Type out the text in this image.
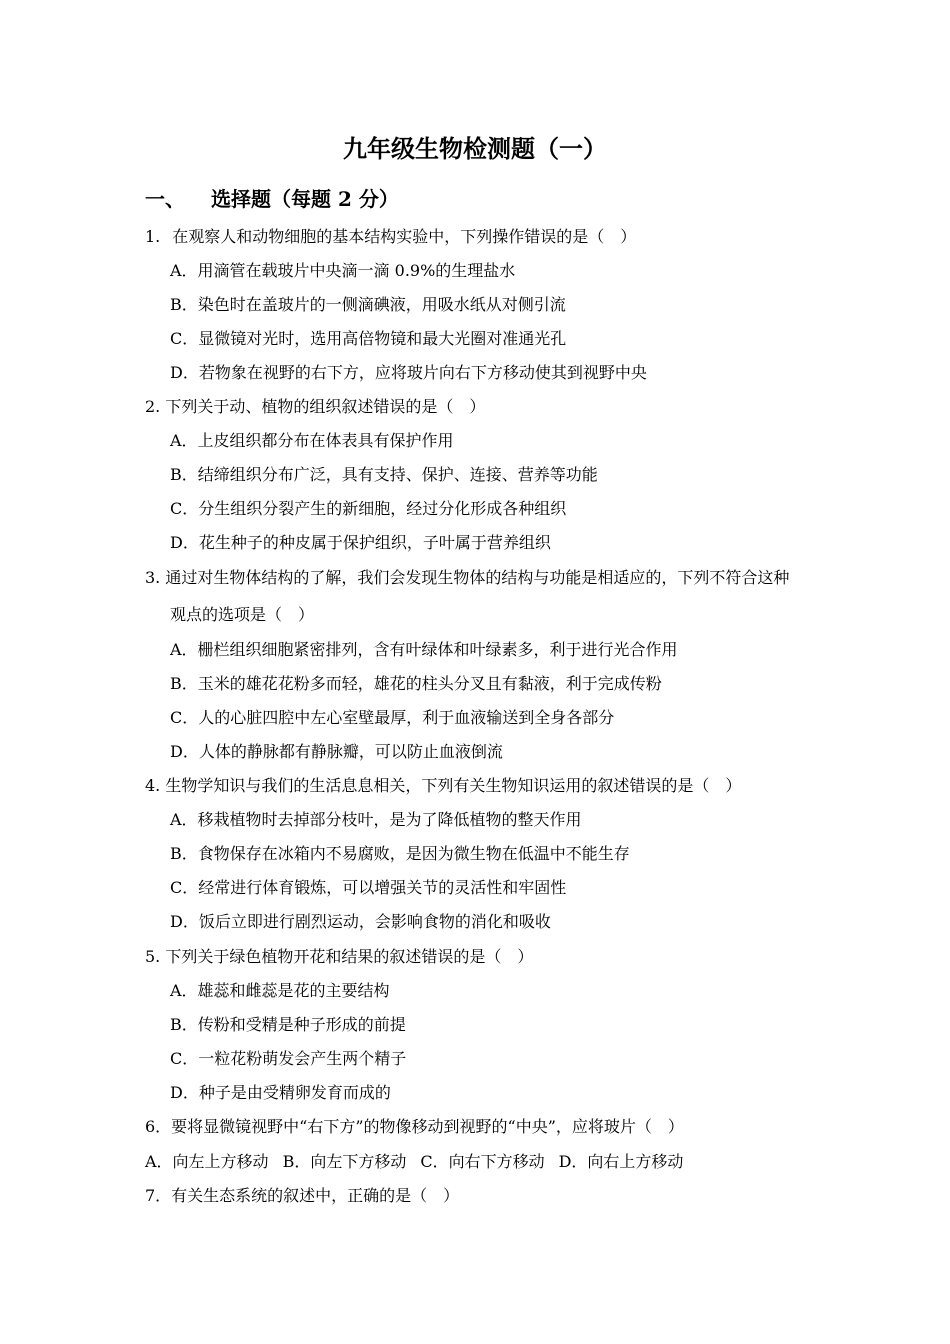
九年级生物检测题（一）
一、 选择题（每题 2 分）
1. 在观察人和动物细胞的基本结构实验中，下列操作错误的是（　）
A．用滴管在载玻片中央滴一滴 0.9%的生理盐水
B．染色时在盖玻片的一侧滴碘液，用吸水纸从对侧引流
C．显微镜对光时，选用高倍物镜和最大光圈对准通光孔
D．若物象在视野的右下方，应将玻片向右下方移动使其到视野中央
2. 下列关于动、植物的组织叙述错误的是（　）
A．上皮组织都分布在体表具有保护作用
B．结缔组织分布广泛，具有支持、保护、连接、营养等功能
C．分生组织分裂产生的新细胞，经过分化形成各种组织
D．花生种子的种皮属于保护组织，子叶属于营养组织
3. 通过对生物体结构的了解，我们会发现生物体的结构与功能是相适应的，下列不符合这种
观点的选项是（　）
A．栅栏组织细胞紧密排列，含有叶绿体和叶绿素多，利于进行光合作用
B．玉米的雄花花粉多而轻，雄花的柱头分叉且有黏液，利于完成传粉
C．人的心脏四腔中左心室壁最厚，利于血液输送到全身各部分
D．人体的静脉都有静脉瓣，可以防止血液倒流
4. 生物学知识与我们的生活息息相关，下列有关生物知识运用的叙述错误的是（　）
A．移栽植物时去掉部分枝叶，是为了降低植物的整天作用
B．食物保存在冰箱内不易腐败，是因为微生物在低温中不能生存
C．经常进行体育锻炼，可以增强关节的灵活性和牢固性
D．饭后立即进行剧烈运动，会影响食物的消化和吸收
5. 下列关于绿色植物开花和结果的叙述错误的是（　）
A．雄蕊和雌蕊是花的主要结构
B．传粉和受精是种子形成的前提
C．一粒花粉萌发会产生两个精子
D．种子是由受精卵发育而成的
6．要将显微镜视野中“右下方”的物像移动到视野的“中央”，应将玻片（　）
A．向左上方移动 B．向左下方移动 C．向右下方移动 D．向右上方移动
7．有关生态系统的叙述中，正确的是（　）
